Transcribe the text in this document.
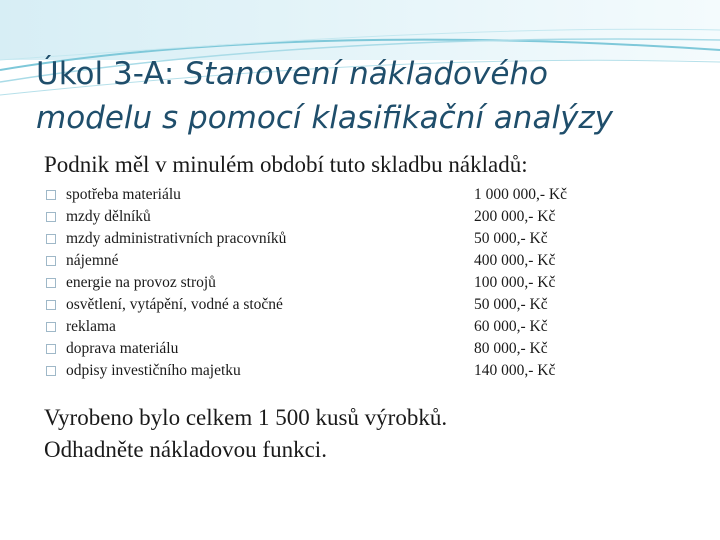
Úkol 3-A: Stanovení nákladového
modelu s pomocí klasifikační analýzy
Podnik měl v minulém období tuto skladbu nákladů:
spotřeba materiálu	1 000 000,- Kč
mzdy dělníků	200 000,- Kč
mzdy administrativních pracovníků	50 000,- Kč
nájemné	400 000,- Kč
energie na provoz strojů	100 000,- Kč
osvětlení, vytápění, vodné a stočné	50 000,- Kč
reklama	60 000,- Kč
doprava materiálu	80 000,- Kč
odpisy investičního majetku	140 000,- Kč
Vyrobeno bylo celkem 1 500 kusů výrobků.
Odhadněte nákladovou funkci.
